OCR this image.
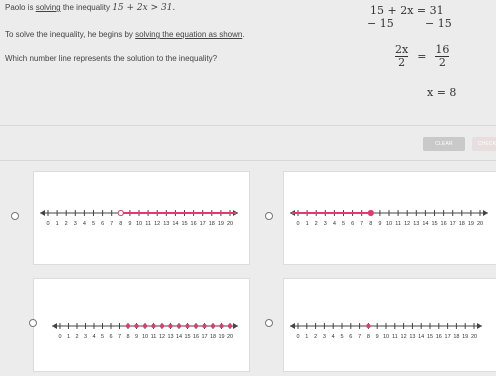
Paolo is solving the inequality 15 + 2x > 31.
To solve the inequality, he begins by solving the equation as shown.
Which number line represents the solution to the inequality?
15 + 2x = 31
− 15	− 15
$\frac{2x}{2} = \frac{16}{2}$
x = 8
CLEAR	CHECK
0 1 2 3 4 5 6 7 8 9 10 11 12 13 14 15 16 17 18 19 20	0 1 2 3 4 5 6 7 8 9 10 11 12 13 14 15 16 17 18 19 20
0 1 2 3 4 5 6 7 8 9 10 11 12 13 14 15 16 17 18 19 20	0 1 2 3 4 5 6 7 8 9 10 11 12 13 14 15 16 17 18 19 20
